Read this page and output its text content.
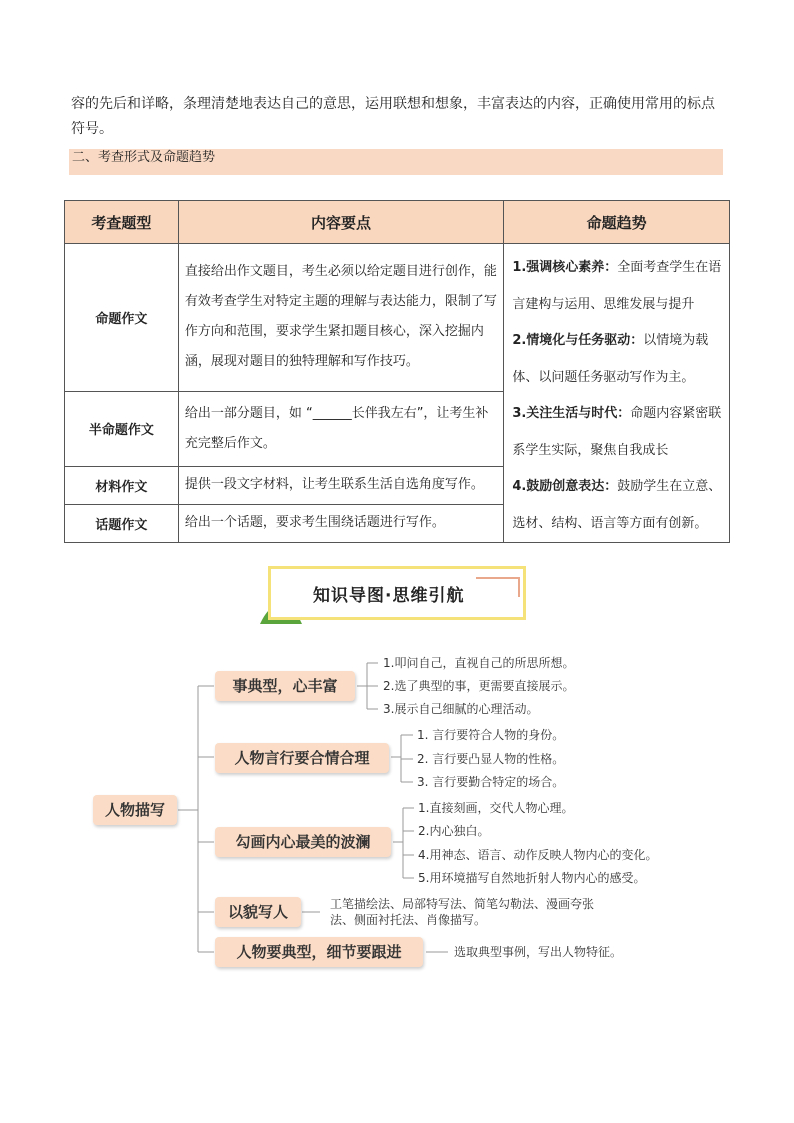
容的先后和详略，条理清楚地表达自己的意思，运用联想和想象，丰富表达的内容，正确使用常用的标点
符号。
二、考查形式及命题趋势
考查题型	内容要点	命题趋势
命题作文	直接给出作文题目，考生必须以给定题目进行创作，能有效考查学生对特定主题的理解与表达能力，限制了写作方向和范围，要求学生紧扣题目核心，深入挖掘内涵，展现对题目的独特理解和写作技巧。	1.强调核心素养：全面考查学生在语言建构与运用、思维发展与提升
2.情境化与任务驱动：以情境为载体、以问题任务驱动写作为主。
3.关注生活与时代：命题内容紧密联系学生实际，聚焦自我成长
4.鼓励创意表达：鼓励学生在立意、选材、结构、语言等方面有创新。

半命题作文	给出一部分题目，如 “______长伴我左右”，让考生补充完整后作文。	
材料作文	提供一段文字材料，让考生联系生活自选角度写作。	
话题作文	给出一个话题，要求考生围绕话题进行写作。	
知识导图·思维引航
人物描写
事典型，心丰富
1.叩问自己，直视自己的所思所想。
2.选了典型的事，更需要直接展示。
3.展示自己细腻的心理活动。
人物言行要合情合理
1. 言行要符合人物的身份。
2. 言行要凸显人物的性格。
3. 言行要勤合特定的场合。
勾画内心最美的波澜
1.直接刻画，交代人物心理。
2.内心独白。
4.用神态、语言、动作反映人物内心的变化。
5.用环境描写自然地折射人物内心的感受。
以貌写人	工笔描绘法、局部特写法、简笔勾勒法、漫画夸张
法、侧面衬托法、肖像描写。
人物要典型，细节要跟进	选取典型事例，写出人物特征。
